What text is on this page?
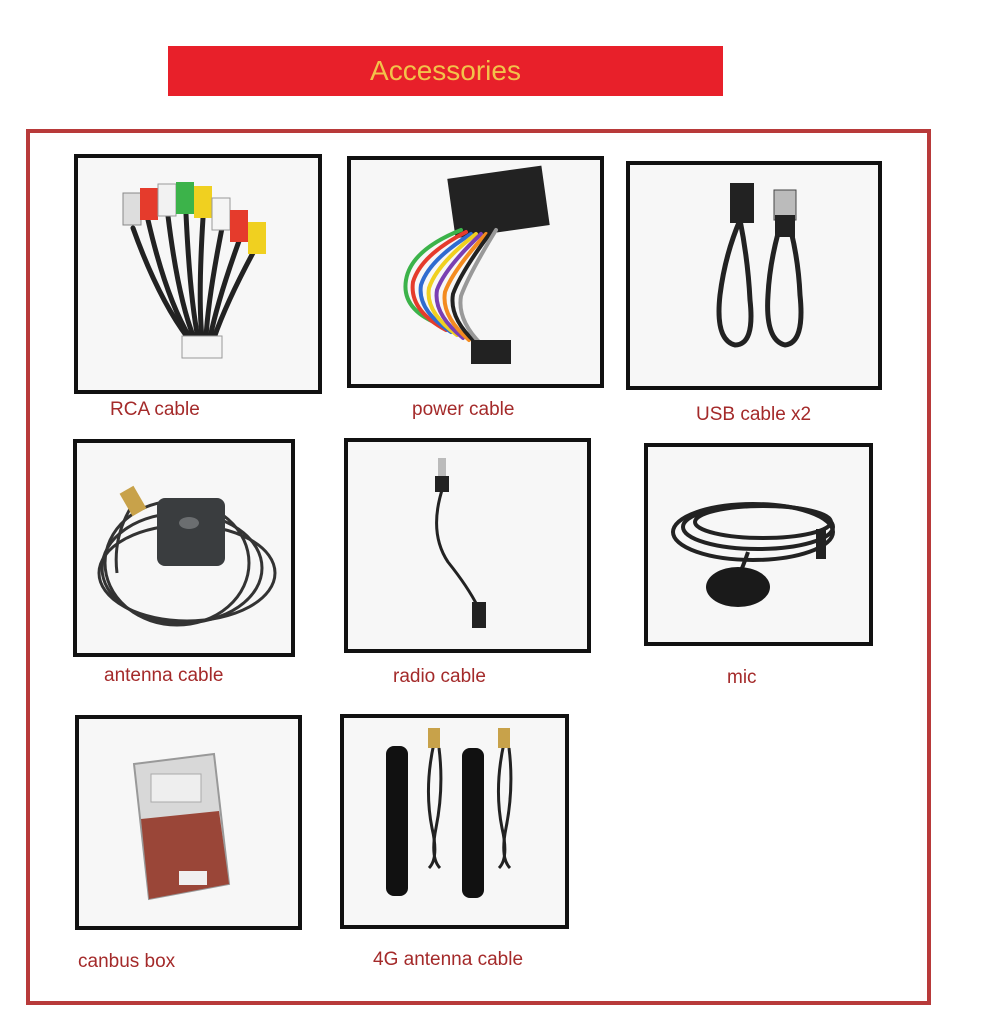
Accessories
RCA cable	power cable	USB cable x2
antenna cable	radio cable	mic
canbus box	4G antenna cable
